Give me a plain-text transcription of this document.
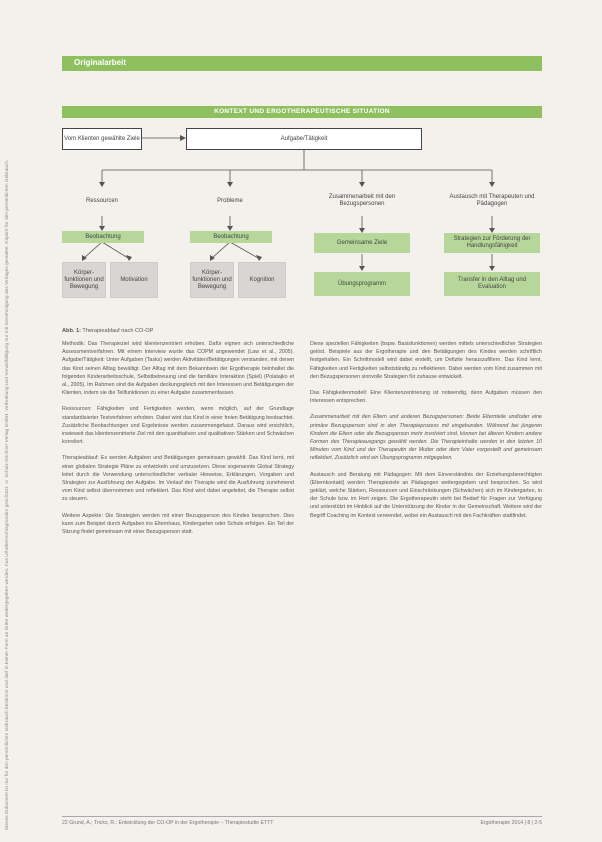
Dieses Dokument ist nur für den persönlichen Gebrauch bestimmt und darf in keiner Form an Dritte weitergegeben werden. Aus Urheberrechtsgründen geschützt. © Schulz-Kirchner Verlag GmbH. Verbreitung und Vervielfältigung nur mit Genehmigung des Verlages gestattet. Kopiert für den persönlichen Gebrauch.
Originalarbeit
KONTEXT UND ERGOTHERAPEUTISCHE SITUATION
Vom Klienten gewählte Ziele	Aufgabe/Tätigkeit
Ressourcen	Probleme
Zusammenarbeit mit den Bezugspersonen
Austausch mit Therapeuten und Pädagogen
Beobachtung	Beobachtung
Gemeinsame Ziele
Strategien zur Förderung der Handlungsfähigkeit
Körper-funktionen und Bewegung
Motivation
Körper-funktionen und Bewegung
Kognition
Übungsprogramm
Transfer in den Alltag und Evaluation
Abb. 1: Therapieablauf nach CO-OP

Methodik: Das Therapieziel wird klientenzentriert erhoben. Dafür eignen sich unterschiedliche Assessmentverfahren. Mit einem Interview wurde das COPM angewendet (Law et al., 2005). Aufgabe/Tätigkeit: Unter Aufgaben (Tasks) werden Aktivitäten/Betätigungen verstanden, mit denen das Kind seinen Alltag bewältigt. Der Alltag mit dem Bekanntsein der Ergotherapie beinhaltet die folgenden Kinderarbeitsschule, Selbstbetreuung und die familiäre Interaktion (Spiel) (Polatajko et al., 2005). Im Rahmen sind die Aufgaben deckungsgleich mit den Interessen und Betätigungen der Klienten, indem sie die Teilfunktionen zu einer Aufgabe zusammenfassen.

Ressourcen: Fähigkeiten und Fertigkeiten werden, wenn möglich, auf der Grundlage standardisierter Testverfahren erhoben. Dabei wird das Kind in einer freien Betätigung beobachtet. Zusätzliche Beobachtungen und Ergebnisse werden zusammengefasst. Daraus wird ersichtlich, inwieweit das klientenzentrierte Ziel mit den quantitativen und qualitativen Stärken und Schwächen korreliert.

Therapieablauf: Es werden Aufgaben und Betätigungen gemeinsam gewählt. Das Kind lernt, mit einer globalen Strategie Pläne zu entwickeln und umzusetzen. Diese sogenannte Global Strategy leitet durch die Verwendung unterschiedlicher verbaler Hinweise, Erklärungen, Vorgaben und Strategien zur Ausführung der Aufgabe. Im Verlauf der Therapie wird die Ausführung zunehmend vom Kind selbst übernommen und reflektiert. Das Kind wird dabei angeleitet, die Therapie selbst zu steuern.

Weitere Aspekte: Die Strategien werden mit einer Bezugsperson des Kindes besprochen. Dies kann zum Beispiel durch Aufgaben ins Elternhaus, Kindergarten oder Schule erfolgen. Ein Teil der Sitzung findet gemeinsam mit einer Bezugsperson statt.

Diese speziellen Fähigkeiten (bspw. Basisfunktionen) werden mittels unterschiedlicher Strategien gelöst. Beispiele aus der Ergotherapie und den Betätigungen des Kindes werden schriftlich festgehalten. Ein Schrittmodell wird dabei erstellt, um Defizite herauszufiltern. Das Kind lernt, Fähigkeiten und Fertigkeiten selbstständig zu reflektieren. Dabei werden vom Kind zusammen mit den Bezugspersonen sinnvolle Strategien für zuhause entwickelt.

Das Fähigkeitenmodell: Eine Klientenzentrierung ist notwendig, denn Aufgaben müssen den Interessen entsprechen.

Zusammenarbeit mit den Eltern und anderen Bezugspersonen: Beide Elternteile und/oder eine primäre Bezugsperson sind in den Therapieprozess mit eingebunden. Während bei jüngeren Kindern die Eltern oder die Bezugsperson mehr involviert sind, können bei älteren Kindern andere Formen des Therapieausgangs gewählt werden. Die Therapieinhalte werden in den letzten 10 Minuten vom Kind und der Therapeutin der Mutter oder dem Vater vorgestellt und gemeinsam reflektiert. Zusätzlich wird ein Übungsprogramm mitgegeben.

Austausch und Beratung mit Pädagogen: Mit dem Einverständnis der Erziehungsberechtigten (Elternkontakt) werden Therapieziele an Pädagogen weitergegeben und besprochen. So wird geklärt, welche Stärken, Ressourcen und Einschränkungen (Schwächen) sich im Kindergarten, in der Schule bzw. im Hort zeigen. Die Ergotherapeutin steht bei Bedarf für Fragen zur Verfügung und unterstützt im Hinblick auf die Unterstützung der Kinder in der Gemeinschaft. Weitere wird der Begriff Coaching im Kontext verwendet, wobei ein Austausch mit den Fachkräften stattfindet.

22 Grund, A.; Tricks, R.: Entwicklung der CO-OP in der Ergotherapie – Therapiestudie ETTT	Ergotherapie 2014 | 8 | 2-5
